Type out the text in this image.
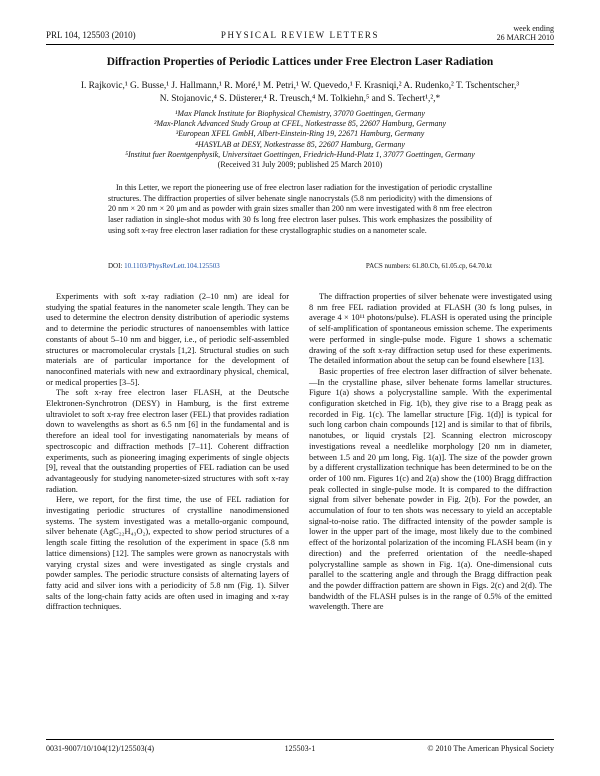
PRL 104, 125503 (2010)	PHYSICAL REVIEW LETTERS
week ending
26 MARCH 2010
Diffraction Properties of Periodic Lattices under Free Electron Laser Radiation
I. Rajkovic,¹ G. Busse,¹ J. Hallmann,¹ R. Moré,¹ M. Petri,¹ W. Quevedo,¹ F. Krasniqi,² A. Rudenko,² T. Tschentscher,³
N. Stojanovic,⁴ S. Düsterer,⁴ R. Treusch,⁴ M. Tolkiehn,⁵ and S. Techert¹,²,*
¹Max Planck Institute for Biophysical Chemistry, 37070 Goettingen, Germany
²Max-Planck Advanced Study Group at CFEL, Notkestrasse 85, 22607 Hamburg, Germany
³European XFEL GmbH, Albert-Einstein-Ring 19, 22671 Hamburg, Germany
⁴HASYLAB at DESY, Notkestrasse 85, 22607 Hamburg, Germany
⁵Institut fuer Roentgenphysik, Universitaet Goettingen, Friedrich-Hund-Platz 1, 37077 Goettingen, Germany
(Received 31 July 2009; published 25 March 2010)
In this Letter, we report the pioneering use of free electron laser radiation for the investigation of periodic crystalline structures. The diffraction properties of silver behenate single nanocrystals (5.8 nm periodicity) with the dimensions of 20 nm × 20 nm × 20 μm and as powder with grain sizes smaller than 200 nm were investigated with 8 nm free electron laser radiation in single-shot modus with 30 fs long free electron laser pulses. This work emphasizes the possibility of using soft x-ray free electron laser radiation for these crystallographic studies on a nanometer scale.
DOI: 10.1103/PhysRevLett.104.125503	PACS numbers: 61.80.Cb, 61.05.cp, 64.70.kt

Experiments with soft x-ray radiation (2–10 nm) are ideal for studying the spatial features in the nanometer scale length. They can be used to determine the electron density distribution of aperiodic systems and to determine the periodic structures of nanoensembles with lattice constants of about 5–10 nm and bigger, i.e., of periodic self-assembled structures or macromolecular crystals [1,2]. Structural studies on such materials are of particular importance for the development of nanoconfined materials with new and extraordinary physical, chemical, or medical properties [3–5].

The soft x-ray free electron laser FLASH, at the Deutsche Elektronen-Synchrotron (DESY) in Hamburg, is the first extreme ultraviolet to soft x-ray free electron laser (FEL) that provides radiation down to wavelengths as short as 6.5 nm [6] in the fundamental and is therefore an ideal tool for investigating nanomaterials by means of spectroscopic and diffraction methods [7–11]. Coherent diffraction experiments, such as pioneering imaging experiments of single objects [9], reveal that the outstanding properties of FEL radiation can be used advantageously for studying nanometer-sized structures with soft x-ray radiation.

Here, we report, for the first time, the use of FEL radiation for investigating periodic structures of crystalline nanodimensioned systems. The system investigated was a metallo-organic compound, silver behenate (AgC₂₂H₄₃O₂), expected to show period structures of a length scale fitting the resolution of the experiment in space (5.8 nm lattice dimensions) [12]. The samples were grown as nanocrystals with varying crystal sizes and were investigated as single crystals and powder samples. The periodic structure consists of alternating layers of fatty acid and silver ions with a periodicity of 5.8 nm (Fig. 1). Silver salts of the long-chain fatty acids are often used in imaging and x-ray diffraction techniques.

The diffraction properties of silver behenate were investigated using 8 nm free FEL radiation provided at FLASH (30 fs long pulses, in average 4 × 10¹¹ photons/pulse). FLASH is operated using the principle of self-amplification of spontaneous emission scheme. The experiments were performed in single-pulse mode. Figure 1 shows a schematic drawing of the soft x-ray diffraction setup used for these experiments. The detailed information about the setup can be found elsewhere [13].

Basic properties of free electron laser diffraction of silver behenate.—In the crystalline phase, silver behenate forms lamellar structures. Figure 1(a) shows a polycrystalline sample. With the experimental configuration sketched in Fig. 1(b), they give rise to a Bragg peak as recorded in Fig. 1(c). The lamellar structure [Fig. 1(d)] is typical for such long carbon chain compounds [12] and is similar to that of fibrils, nanotubes, or liquid crystals [2]. Scanning electron microscopy investigations reveal a needlelike morphology [20 nm in diameter, between 1.5 and 20 μm long, Fig. 1(a)]. The size of the powder grown by a different crystallization technique has been determined to be on the order of 100 nm. Figures 1(c) and 2(a) show the (100) Bragg diffraction peak collected in single-pulse mode. It is compared to the diffraction signal from silver behenate powder in Fig. 2(b). For the powder, an accumulation of four to ten shots was necessary to yield an acceptable signal-to-noise ratio. The diffracted intensity of the powder sample is lower in the upper part of the image, most likely due to the combined effect of the horizontal polarization of the incoming FLASH beam (in y direction) and the preferred orientation of the needle-shaped polycrystalline sample as shown in Fig. 1(a). One-dimensional cuts parallel to the scattering angle and through the Bragg diffraction peak and the powder diffraction pattern are shown in Figs. 2(c) and 2(d). The bandwidth of the FLASH pulses is in the range of 0.5% of the emitted wavelength. There are

0031-9007/10/104(12)/125503(4)	125503-1	© 2010 The American Physical Society
